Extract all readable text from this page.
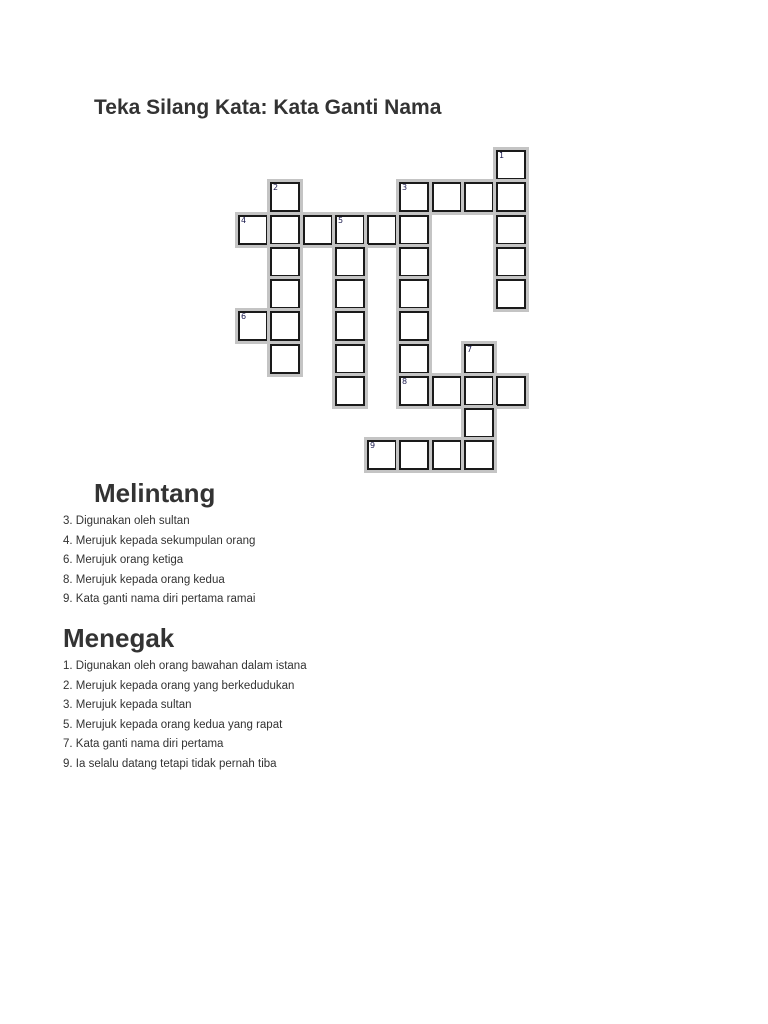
Teka Silang Kata: Kata Ganti Nama
1
2	3
4	5
6
7
8
9
Melintang
3. Digunakan oleh sultan
4. Merujuk kepada sekumpulan orang
6. Merujuk orang ketiga
8. Merujuk kepada orang kedua
9. Kata ganti nama diri pertama ramai
Menegak
1. Digunakan oleh orang bawahan dalam istana
2. Merujuk kepada orang yang berkedudukan
3. Merujuk kepada sultan
5. Merujuk kepada orang kedua yang rapat
7. Kata ganti nama diri pertama
9. Ia selalu datang tetapi tidak pernah tiba
